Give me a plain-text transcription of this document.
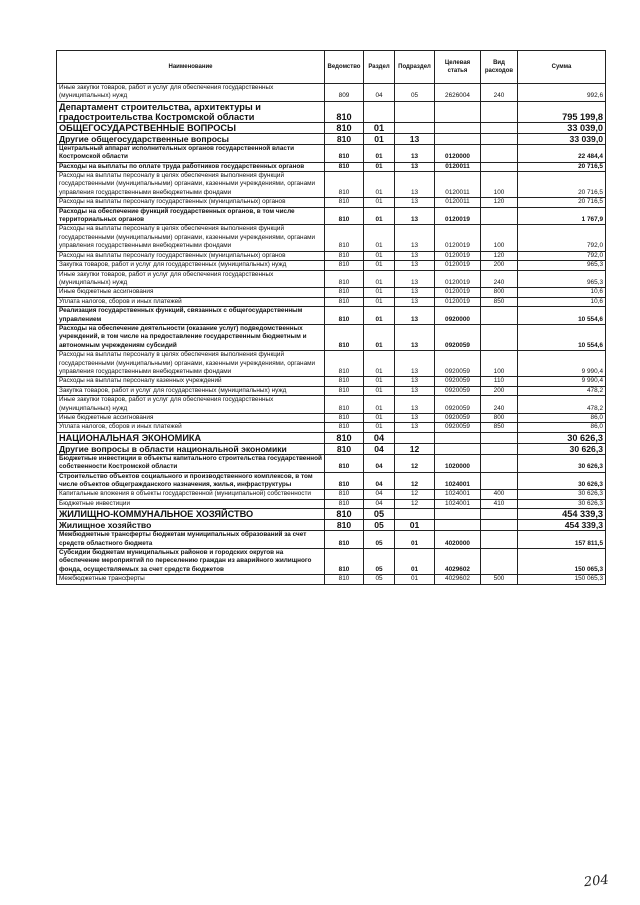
Наименование	Ведомство	Раздел	Подраздел	Целевая статья	Вид расходов	Сумма
Иные закупки товаров, работ и услуг для обеспечения государственных (муниципальных) нужд	809	04	05	2626004	240	992,6
Департамент строительства, архитектуры и градостроительства Костромской области	810					795 199,8
ОБЩЕГОСУДАРСТВЕННЫЕ ВОПРОСЫ	810	01				33 039,0
Другие общегосударственные вопросы	810	01	13			33 039,0
Центральный аппарат исполнительных органов государственной власти Костромской области	810	01	13	0120000		22 484,4
Расходы на выплаты по оплате труда работников государственных органов	810	01	13	0120011		20 716,5
Расходы на выплаты персоналу в целях обеспечения выполнения функций государственными (муниципальными) органами, казенными учреждениями, органами управления государственными внебюджетными фондами	810	01	13	0120011	100	20 716,5
Расходы на выплаты персоналу государственных (муниципальных) органов	810	01	13	0120011	120	20 716,5
Расходы на обеспечение функций государственных органов, в том числе территориальных органов	810	01	13	0120019		1 767,9
Расходы на выплаты персоналу в целях обеспечения выполнения функций государственными (муниципальными) органами, казенными учреждениями, органами управления государственными внебюджетными фондами	810	01	13	0120019	100	792,0
Расходы на выплаты персоналу государственных (муниципальных) органов	810	01	13	0120019	120	792,0
Закупка товаров, работ и услуг для государственных (муниципальных) нужд	810	01	13	0120019	200	965,3
Иные закупки товаров, работ и услуг для обеспечения государственных (муниципальных) нужд	810	01	13	0120019	240	965,3
Иные бюджетные ассигнования	810	01	13	0120019	800	10,6
Уплата налогов, сборов и иных платежей	810	01	13	0120019	850	10,6
Реализация государственных функций, связанных с общегосударственным управлением	810	01	13	0920000		10 554,6
Расходы на обеспечение деятельности (оказание услуг) подведомственных учреждений, в том числе на предоставление государственным бюджетным и автономным учреждениям субсидий	810	01	13	0920059		10 554,6
Расходы на выплаты персоналу в целях обеспечения выполнения функций государственными (муниципальными) органами, казенными учреждениями, органами управления государственными внебюджетными фондами	810	01	13	0920059	100	9 990,4
Расходы на выплаты персоналу казенных учреждений	810	01	13	0920059	110	9 990,4
Закупка товаров, работ и услуг для государственных (муниципальных) нужд	810	01	13	0920059	200	478,2
Иные закупки товаров, работ и услуг для обеспечения государственных (муниципальных) нужд	810	01	13	0920059	240	478,2
Иные бюджетные ассигнования	810	01	13	0920059	800	86,0
Уплата налогов, сборов и иных платежей	810	01	13	0920059	850	86,0
НАЦИОНАЛЬНАЯ ЭКОНОМИКА	810	04				30 626,3
Другие вопросы в области национальной экономики	810	04	12			30 626,3
Бюджетные инвестиции в объекты капитального строительства государственной собственности Костромской области	810	04	12	1020000		30 626,3
Строительство объектов социального и производственного комплексов, в том числе объектов общегражданского назначения, жилья, инфраструктуры	810	04	12	1024001		30 626,3
Капитальные вложения в объекты государственной (муниципальной) собственности	810	04	12	1024001	400	30 626,3
Бюджетные инвестиции	810	04	12	1024001	410	30 626,3
ЖИЛИЩНО-КОММУНАЛЬНОЕ ХОЗЯЙСТВО	810	05				454 339,3
Жилищное хозяйство	810	05	01			454 339,3
Межбюджетные трансферты бюджетам муниципальных образований за счет средств областного бюджета	810	05	01	4020000		157 811,5
Субсидии бюджетам муниципальных районов и городских округов на обеспечение мероприятий по переселению граждан из аварийного жилищного фонда, осуществляемых за счет средств бюджетов	810	05	01	4029602		150 065,3
Межбюджетные трансферты	810	05	01	4029602	500	150 065,3
204
